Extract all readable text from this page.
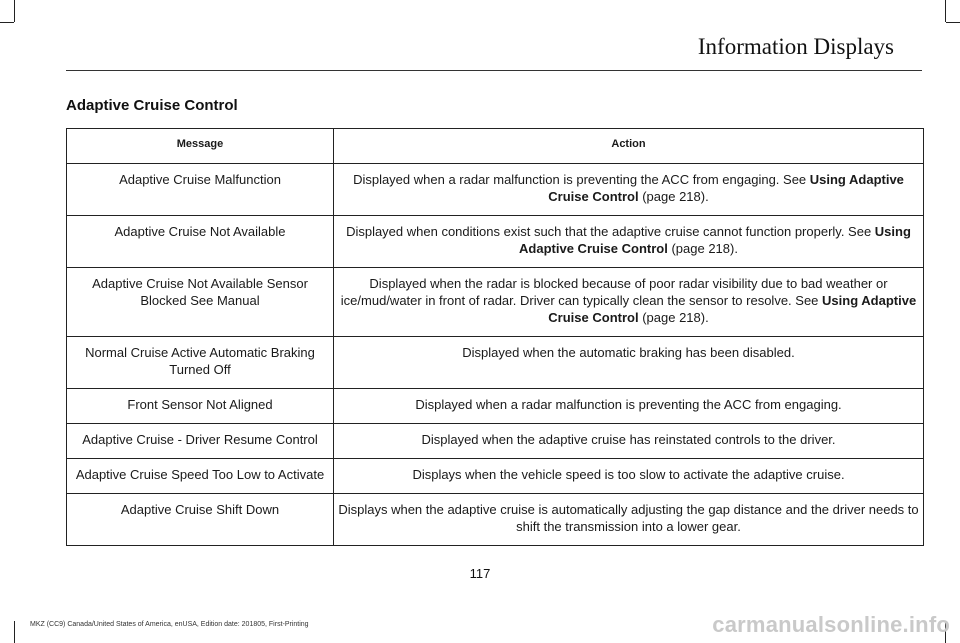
Information Displays
Adaptive Cruise Control
Message	Action
Adaptive Cruise Malfunction	Displayed when a radar malfunction is preventing the ACC from engaging. See Using Adaptive Cruise Control (page 218).
Adaptive Cruise Not Available	Displayed when conditions exist such that the adaptive cruise cannot function properly. See Using Adaptive Cruise Control (page 218).
Adaptive Cruise Not Available Sensor Blocked See Manual	Displayed when the radar is blocked because of poor radar visibility due to bad weather or ice/mud/water in front of radar. Driver can typically clean the sensor to resolve. See Using Adaptive Cruise Control (page 218).
Normal Cruise Active Automatic Braking Turned Off	Displayed when the automatic braking has been disabled.
Front Sensor Not Aligned	Displayed when a radar malfunction is preventing the ACC from engaging.
Adaptive Cruise - Driver Resume Control	Displayed when the adaptive cruise has reinstated controls to the driver.
Adaptive Cruise Speed Too Low to Activate	Displays when the vehicle speed is too slow to activate the adaptive cruise.
Adaptive Cruise Shift Down	Displays when the adaptive cruise is automatically adjusting the gap distance and the driver needs to shift the transmission into a lower gear.
117
MKZ (CC9) Canada/United States of America, enUSA, Edition date: 201805, First-Printing	carmanualsonline.info
